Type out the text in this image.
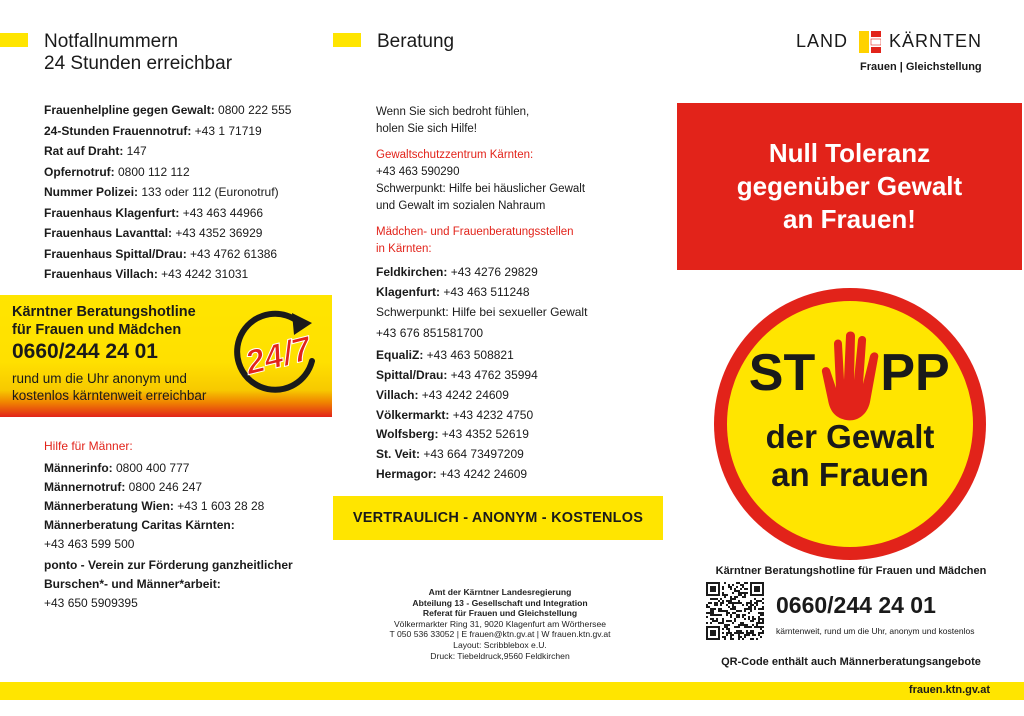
Notfallnummern
24 Stunden erreichbar
Frauenhelpline gegen Gewalt: 0800 222 555
24-Stunden Frauennotruf: +43 1 71719
Rat auf Draht: 147
Opfernotruf: 0800 112 112
Nummer Polizei: 133 oder 112 (Euronotruf)
Frauenhaus Klagenfurt: +43 463 44966
Frauenhaus Lavanttal: +43 4352 36929
Frauenhaus Spittal/Drau: +43 4762 61386
Frauenhaus Villach: +43 4242 31031
Kärntner Beratungshotline
für Frauen und Mädchen
0660/244 24 01
rund um die Uhr anonym und
kostenlos kärntenweit erreichbar
24/7
Hilfe für Männer:
Männerinfo: 0800 400 777
Männernotruf: 0800 246 247
Männerberatung Wien: +43 1 603 28 28
Männerberatung Caritas Kärnten:
+43 463 599 500
ponto - Verein zur Förderung ganzheitlicher
Burschen*- und Männer*arbeit:
+43 650 5909395
Beratung
Wenn Sie sich bedroht fühlen,
holen Sie sich Hilfe!
Gewaltschutzzentrum Kärnten:
+43 463 590290
Schwerpunkt: Hilfe bei häuslicher Gewalt
und Gewalt im sozialen Nahraum
Mädchen- und Frauenberatungsstellen
in Kärnten:
Feldkirchen: +43 4276 29829
Klagenfurt: +43 463 511248
Schwerpunkt: Hilfe bei sexueller Gewalt
+43 676 851581700
EqualiZ: +43 463 508821
Spittal/Drau: +43 4762 35994
Villach: +43 4242 24609
Völkermarkt: +43 4232 4750
Wolfsberg: +43 4352 52619
St. Veit: +43 664 73497209
Hermagor: +43 4242 24609
VERTRAULICH - ANONYM - KOSTENLOS
Amt der Kärntner Landesregierung
Abteilung 13 - Gesellschaft und Integration
Referat für Frauen und Gleichstellung
Völkermarkter Ring 31, 9020 Klagenfurt am Wörthersee
T 050 536 33052 | E frauen@ktn.gv.at | W frauen.ktn.gv.at
Layout: Scribblebox e.U.
Druck: Tiebeldruck,9560 Feldkirchen
LAND KÄRNTEN
Frauen | Gleichstellung
Null Toleranz
gegenüber Gewalt
an Frauen!
ST PP
der Gewalt
an Frauen
Kärntner Beratungshotline für Frauen und Mädchen
0660/244 24 01
kärntenweit, rund um die Uhr, anonym und kostenlos
QR-Code enthält auch Männerberatungsangebote
frauen.ktn.gv.at
